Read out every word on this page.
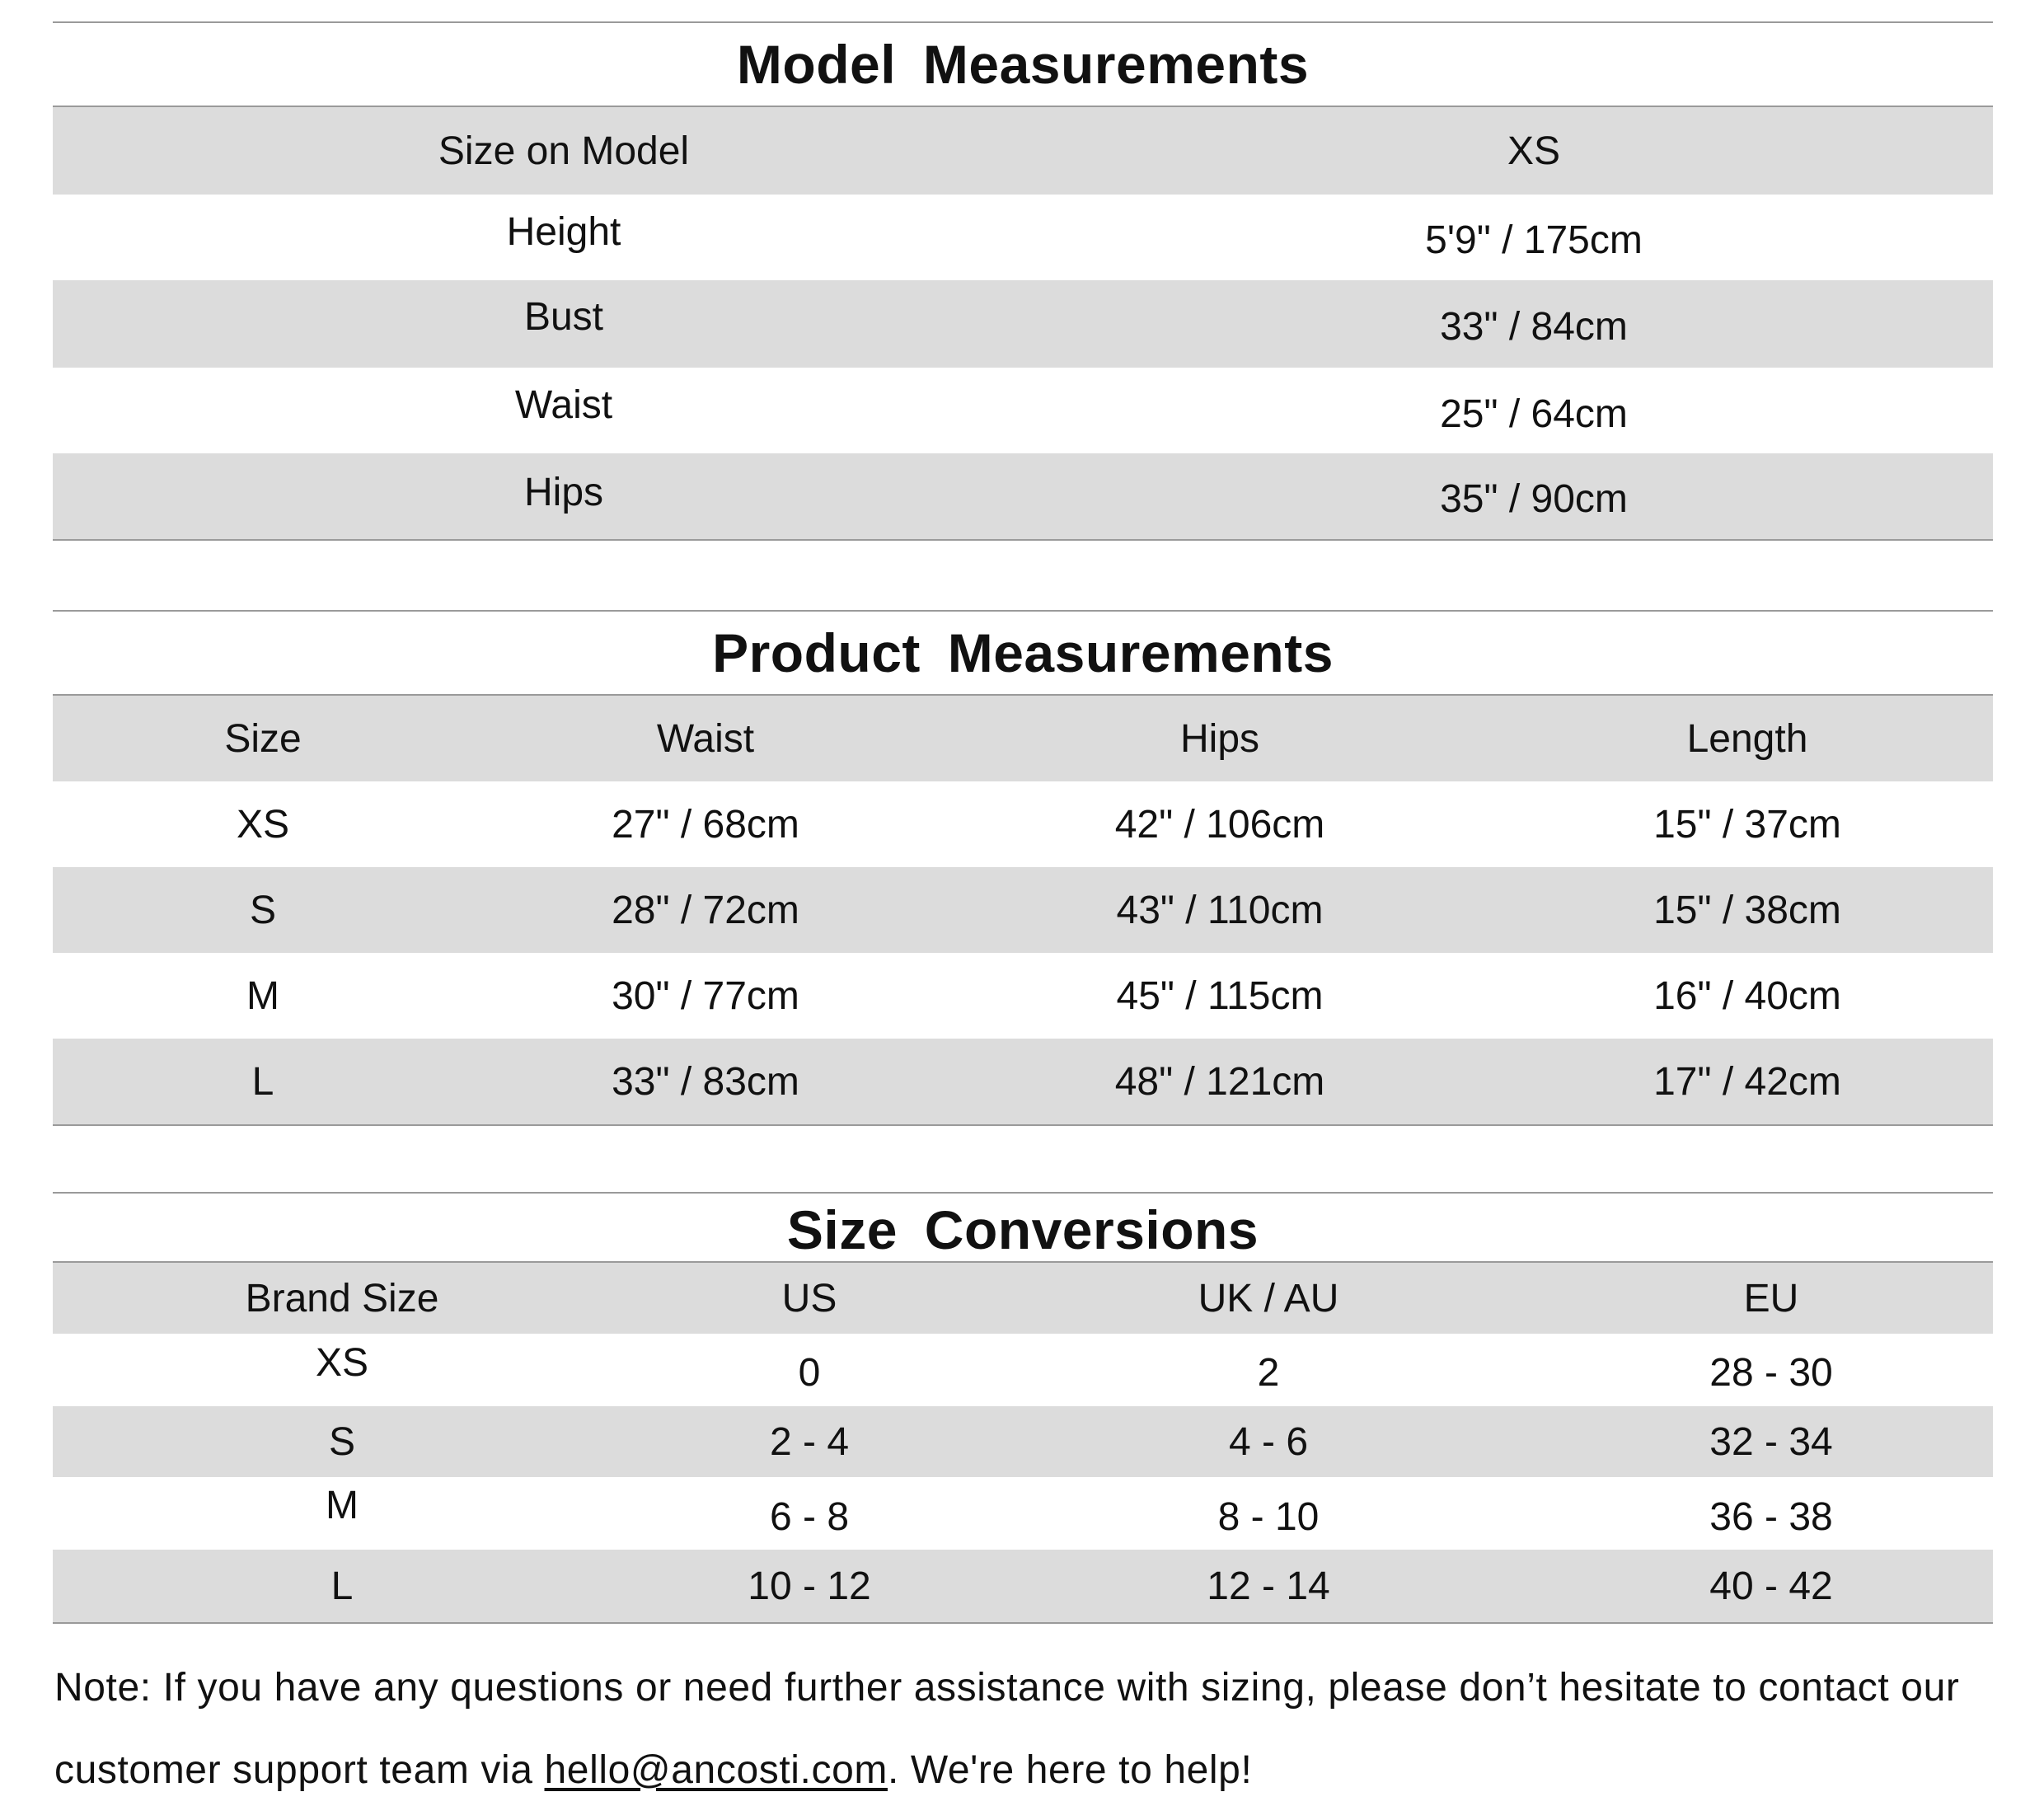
Model Measurements
Size on Model	XS
Height	5'9" / 175cm
Bust	33" / 84cm
Waist	25" / 64cm
Hips	35" / 90cm
Product Measurements
Size	Waist	Hips	Length
XS	27" / 68cm	42" / 106cm	15" / 37cm
S	28" / 72cm	43" / 110cm	15" / 38cm
M	30" / 77cm	45" / 115cm	16" / 40cm
L	33" / 83cm	48" / 121cm	17" / 42cm
Size Conversions
Brand Size	US	UK / AU	EU
XS	0	2	28 - 30
S	2 - 4	4 - 6	32 - 34
M	6 - 8	8 - 10	36 - 38
L	10 - 12	12 - 14	40 - 42
Note: If you have any questions or need further assistance with sizing, please don’t hesitate to contact our customer support team via hello@ancosti.com. We're here to help!
